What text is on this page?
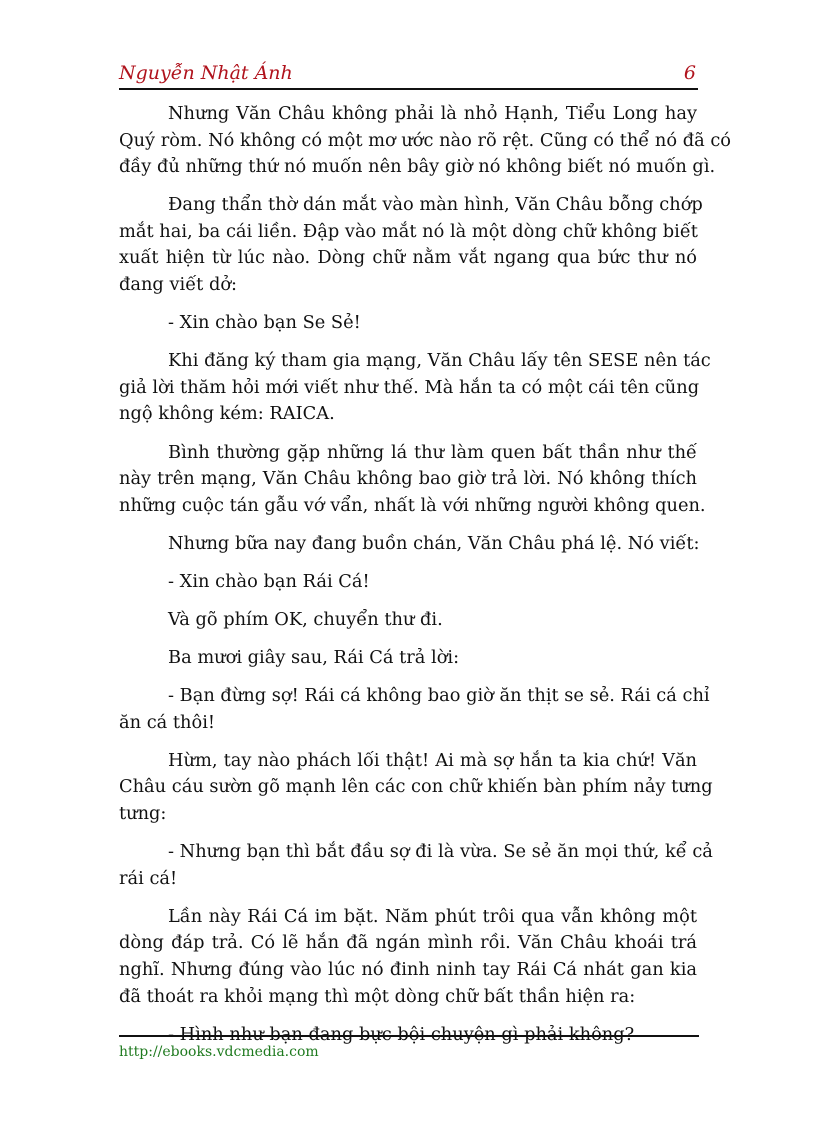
Nguyễn Nhật Ánh	6

Nhưng Văn Châu không phải là nhỏ Hạnh, Tiểu Long hay
Quý ròm. Nó không có một mơ ước nào rõ rệt. Cũng có thể nó đã có
đầy đủ những thứ nó muốn nên bây giờ nó không biết nó muốn gì.

Đang thẩn thờ dán mắt vào màn hình, Văn Châu bỗng chớp
mắt hai, ba cái liền. Đập vào mắt nó là một dòng chữ không biết
xuất hiện từ lúc nào. Dòng chữ nằm vắt ngang qua bức thư nó
đang viết dở:

- Xin chào bạn Se Sẻ!

Khi đăng ký tham gia mạng, Văn Châu lấy tên SESE nên tác
giả lời thăm hỏi mới viết như thế. Mà hắn ta có một cái tên cũng
ngộ không kém: RAICA.

Bình thường gặp những lá thư làm quen bất thần như thế
này trên mạng, Văn Châu không bao giờ trả lời. Nó không thích
những cuộc tán gẫu vớ vẩn, nhất là với những người không quen.

Nhưng bữa nay đang buồn chán, Văn Châu phá lệ. Nó viết:

- Xin chào bạn Rái Cá!

Và gõ phím OK, chuyển thư đi.

Ba mươi giây sau, Rái Cá trả lời:

- Bạn đừng sợ! Rái cá không bao giờ ăn thịt se sẻ. Rái cá chỉ
ăn cá thôi!

Hừm, tay nào phách lối thật! Ai mà sợ hắn ta kia chứ! Văn
Châu cáu sườn gõ mạnh lên các con chữ khiến bàn phím nảy tưng
tưng:

- Nhưng bạn thì bắt đầu sợ đi là vừa. Se sẻ ăn mọi thứ, kể cả
rái cá!

Lần này Rái Cá im bặt. Năm phút trôi qua vẫn không một
dòng đáp trả. Có lẽ hắn đã ngán mình rồi. Văn Châu khoái trá
nghĩ. Nhưng đúng vào lúc nó đinh ninh tay Rái Cá nhát gan kia
đã thoát ra khỏi mạng thì một dòng chữ bất thần hiện ra:

- Hình như bạn đang bực bội chuyện gì phải không?

http://ebooks.vdcmedia.com
